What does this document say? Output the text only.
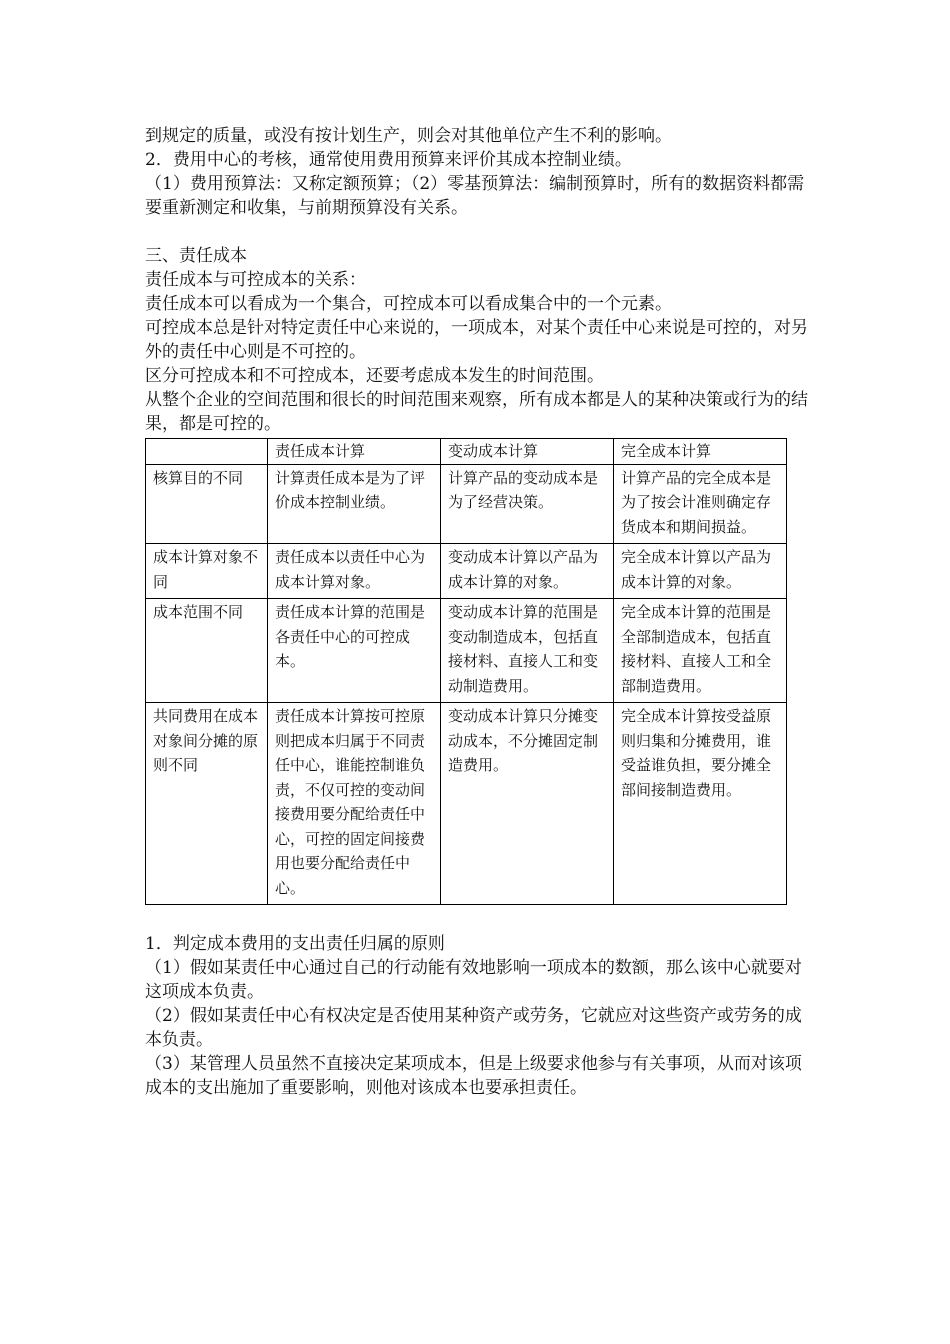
到规定的质量，或没有按计划生产，则会对其他单位产生不利的影响。

2．费用中心的考核，通常使用费用预算来评价其成本控制业绩。

（1）费用预算法：又称定额预算；（2）零基预算法：编制预算时，所有的数据资料都需要重新测定和收集，与前期预算没有关系。

三、责任成本

责任成本与可控成本的关系：

责任成本可以看成为一个集合，可控成本可以看成集合中的一个元素。

可控成本总是针对特定责任中心来说的，一项成本，对某个责任中心来说是可控的，对另外的责任中心则是不可控的。

区分可控成本和不可控成本，还要考虑成本发生的时间范围。

从整个企业的空间范围和很长的时间范围来观察，所有成本都是人的某种决策或行为的结果，都是可控的。

	责任成本计算	变动成本计算	完全成本计算
核算目的不同	计算责任成本是为了评价成本控制业绩。	计算产品的变动成本是为了经营决策。	计算产品的完全成本是为了按会计准则确定存货成本和期间损益。
成本计算对象不同	责任成本以责任中心为成本计算对象。	变动成本计算以产品为成本计算的对象。	完全成本计算以产品为成本计算的对象。
成本范围不同	责任成本计算的范围是各责任中心的可控成本。	变动成本计算的范围是变动制造成本，包括直接材料、直接人工和变动制造费用。	完全成本计算的范围是全部制造成本，包括直接材料、直接人工和全部制造费用。
共同费用在成本对象间分摊的原则不同	责任成本计算按可控原则把成本归属于不同责任中心，谁能控制谁负责，不仅可控的变动间接费用要分配给责任中心，可控的固定间接费用也要分配给责任中心。	变动成本计算只分摊变动成本，不分摊固定制造费用。	完全成本计算按受益原则归集和分摊费用，谁受益谁负担，要分摊全部间接制造费用。

1．判定成本费用的支出责任归属的原则

（1）假如某责任中心通过自己的行动能有效地影响一项成本的数额，那么该中心就要对这项成本负责。

（2）假如某责任中心有权决定是否使用某种资产或劳务，它就应对这些资产或劳务的成本负责。

（3）某管理人员虽然不直接决定某项成本，但是上级要求他参与有关事项，从而对该项成本的支出施加了重要影响，则他对该成本也要承担责任。
